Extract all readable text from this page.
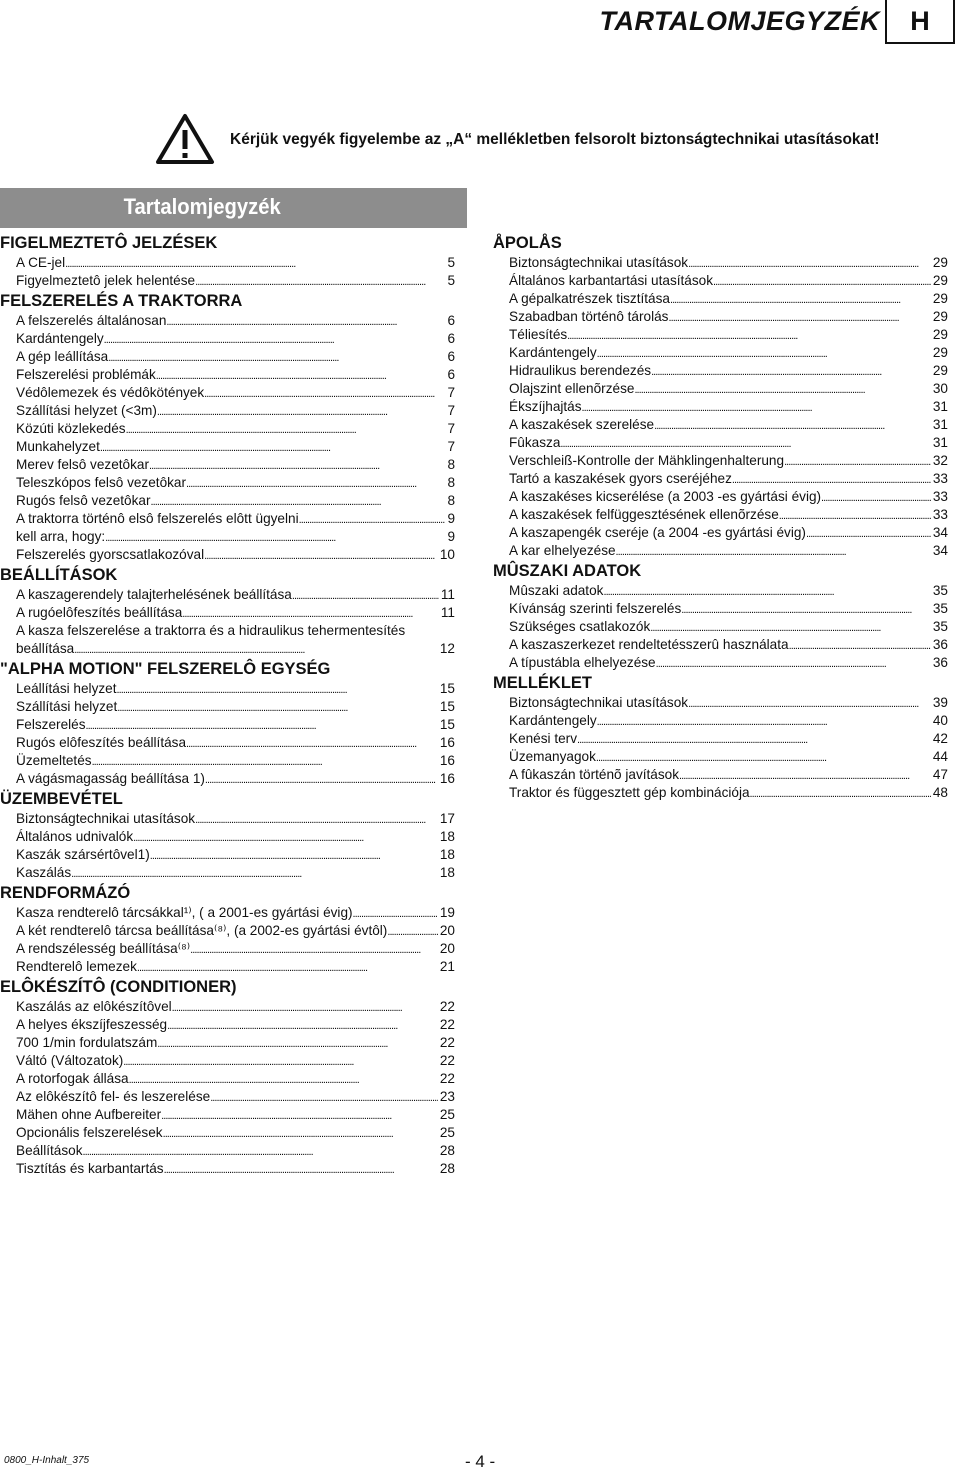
TARTALOMJEGYZÉK	H
Kérjük vegyék figyelembe az „A“ mellékletben felsorolt biztonságtechnikai utasításokat!
Tartalomjegyzék
FIGELMEZTETÔ JELZÉSEK
A CE-jel . . .	5
Figyelmeztetô jelek helentése . . .	5
FELSZERELÉS A TRAKTORRA
A felszerelés általánosan . . .	6
Kardántengely . . .	6
A gép leállítása . . .	6
Felszerelési problémák . . .	6
Védôlemezek és védôkötények . . .	7
Szállítási helyzet (<3m) . . .	7
Közúti közlekedés . . .	7
Munkahelyzet . . .	7
Merev felsô vezetôkar . . .	8
Teleszkópos felsô vezetôkar . . .	8
Rugós felsô vezetôkar . . .	8
A traktorra történô elsô felszerelés elôtt ügyelni . . .	9
kell arra, hogy: . . .	9
Felszerelés gyorscsatlakozóval . . .	10
BEÁLLÍTÁSOK
A kaszagerendely talajterhelésének beállítása . . .	11
A rugóelôfeszítés beállítása . . .	11
A kasza felszerelése a traktorra és a hidraulikus tehermentesítés
beállítása . . .	12
"ALPHA MOTION" FELSZERELÔ EGYSÉG
Leállítási helyzet . . .	15
Szállítási helyzet . . .	15
Felszerelés . . .	15
Rugós elôfeszítés beállítása . . .	16
Üzemeltetés . . .	16
A vágásmagasság beállítása 1) . . .	16
ÜZEMBEVÉTEL
Biztonságtechnikai utasítások . . .	17
Általános udnivalók . . .	18
Kaszák szársértôvel1) . . .	18
Kaszálás . . .	18
RENDFORMÁZÓ
Kasza rendterelô tárcsákkal¹⁾, ( a 2001-es gyártási évig) . . .	19
A két rendterelô tárcsa beállítása⁽⁸⁾, (a 2002-es gyártási évtôl) . . .	20
A rendszélesség beállítása⁽⁸⁾ . . .	20
Rendterelô lemezek . . .	21
ELÔKÉSZÍTÔ (CONDITIONER)
Kaszálás az elôkészítôvel . . .	22
A helyes ékszíjfeszesség . . .	22
700 1/min fordulatszám . . .	22
Váltó (Változatok) . . .	22
A rotorfogak állása . . .	22
Az elôkészítô fel- és leszerelése . . .	23
Mähen ohne Aufbereiter . . .	25
Opcionális felszerelések . . .	25
Beállítások . . .	28
Tisztítás és karbantartás . . .	28
ÅPOLÅS
Biztonságtechnikai utasítások . . .	29
Általános karbantartási utasítások . . .	29
A gépalkatrészek tisztítása . . .	29
Szabadban történô tárolás . . .	29
Téliesítés . . .	29
Kardántengely . . .	29
Hidraulikus berendezés . . .	29
Olajszint ellenõrzése . . .	30
Ékszíjhajtás . . .	31
A kaszakések szerelése . . .	31
Fûkasza . . .	31
Verschleiß-Kontrolle der Mähklingenhalterung . . .	32
Tartó a kaszakések gyors cseréjéhez . . .	33
A kaszakéses kicserélése (a 2003 -es gyártási évig) . . .	33
A kaszakések felfüggesztésének ellenõrzése . . .	33
A kaszapengék cseréje (a 2004 -es gyártási évig) . . .	34
A kar elhelyezése . . .	34
MÛSZAKI ADATOK
Mûszaki adatok . . .	35
Kívánság szerinti felszerelés . . .	35
Szükséges csatlakozók . . .	35
A kaszaszerkezet rendeltetésszerû használata . . .	36
A típustábla elhelyezése . . .	36
MELLÉKLET
Biztonságtechnikai utasítások . . .	39
Kardántengely . . .	40
Kenési terv . . .	42
Üzemanyagok . . .	44
A fûkaszán történõ javítások . . .	47
Traktor és függesztett gép kombinációja . . .	48
0800_H-Inhalt_375	- 4 -
